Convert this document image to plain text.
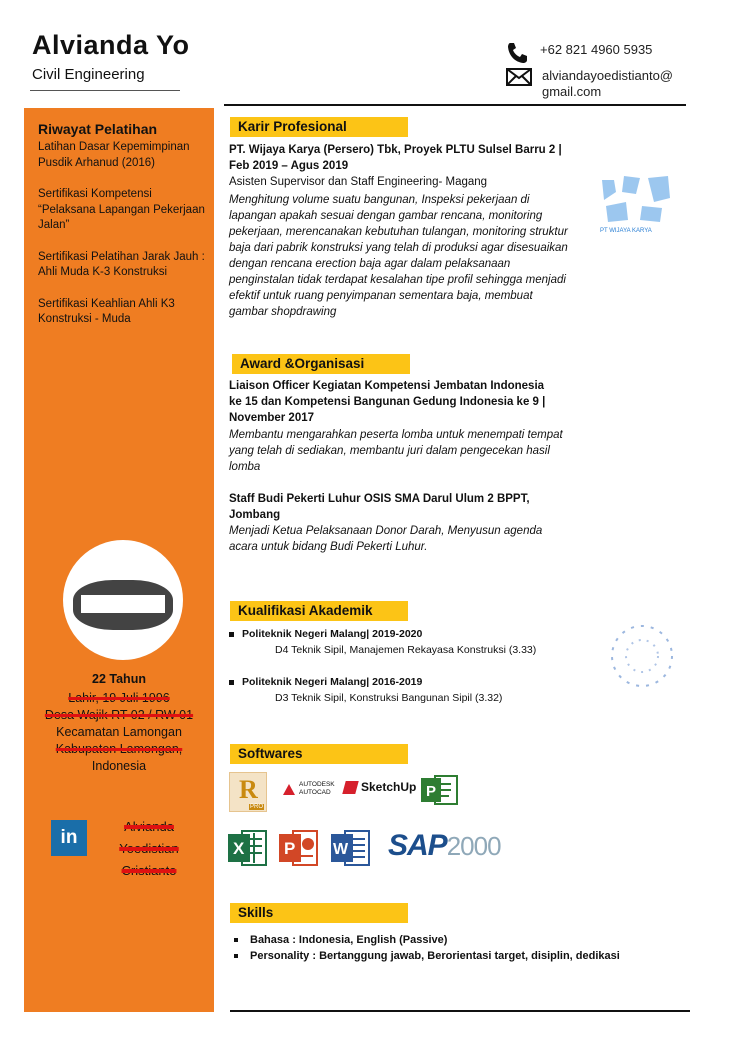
Alvianda Yo
Civil Engineering
+62 821 4960 5935
alviandayoedistianto@
gmail.com
Riwayat Pelatihan
Latihan Dasar Kepemimpinan Pusdik Arhanud (2016)
Sertifikasi Kompetensi “Pelaksana Lapangan Pekerjaan Jalan”
Sertifikasi Pelatihan Jarak Jauh : Ahli Muda K-3 Konstruksi
Sertifikasi Keahlian Ahli K3 Konstruksi - Muda
22 Tahun
Lahir, 19 Juli 1996
Desa Wajik RT 02 / RW 01
Kecamatan Lamongan
Kabupaten Lamongan,
Indonesia
in
Alvianda
Yoedistian
Cristianto
Karir Profesional
PT. Wijaya Karya (Persero) Tbk, Proyek PLTU Sulsel Barru 2 | Feb 2019 – Agus 2019
Asisten Supervisor dan Staff Engineering- Magang
Menghitung volume suatu bangunan, Inspeksi pekerjaan di lapangan apakah sesuai dengan gambar rencana, monitoring pekerjaan, merencanakan kebutuhan tulangan, monitoring struktur baja dari pabrik konstruksi yang telah di produksi agar disesuaikan dengan rencana erection baja agar dalam pelaksanaan penginstalan tidak terdapat kesalahan tipe profil sehingga menjadi efektif untuk ruang penyimpanan sementara baja, membuat gambar shopdrawing
PT WIJAYA KARYA
Award &Organisasi
Liaison Officer Kegiatan Kompetensi Jembatan Indonesia ke 15 dan Kompetensi Bangunan Gedung Indonesia ke 9 | November 2017
Membantu mengarahkan peserta lomba untuk menempati tempat yang telah di sediakan, membantu juri dalam pengecekan hasil lomba
Staff Budi Pekerti Luhur OSIS SMA Darul Ulum 2 BPPT, Jombang
Menjadi Ketua Pelaksanaan Donor Darah, Menyusun agenda acara untuk bidang Budi Pekerti Luhur.
Kualifikasi Akademik
Politeknik Negeri Malang| 2019-2020
D4 Teknik Sipil, Manajemen Rekayasa Konstruksi (3.33)
Politeknik Negeri Malang| 2016-2019
D3 Teknik Sipil, Konstruksi Bangunan Sipil (3.32)
Softwares
R
PRO
AUTODESK
AUTOCAD	SketchUp P
X P W SAP2000
Skills
Bahasa : Indonesia, English (Passive)
Personality : Bertanggung jawab, Berorientasi target, disiplin, dedikasi
